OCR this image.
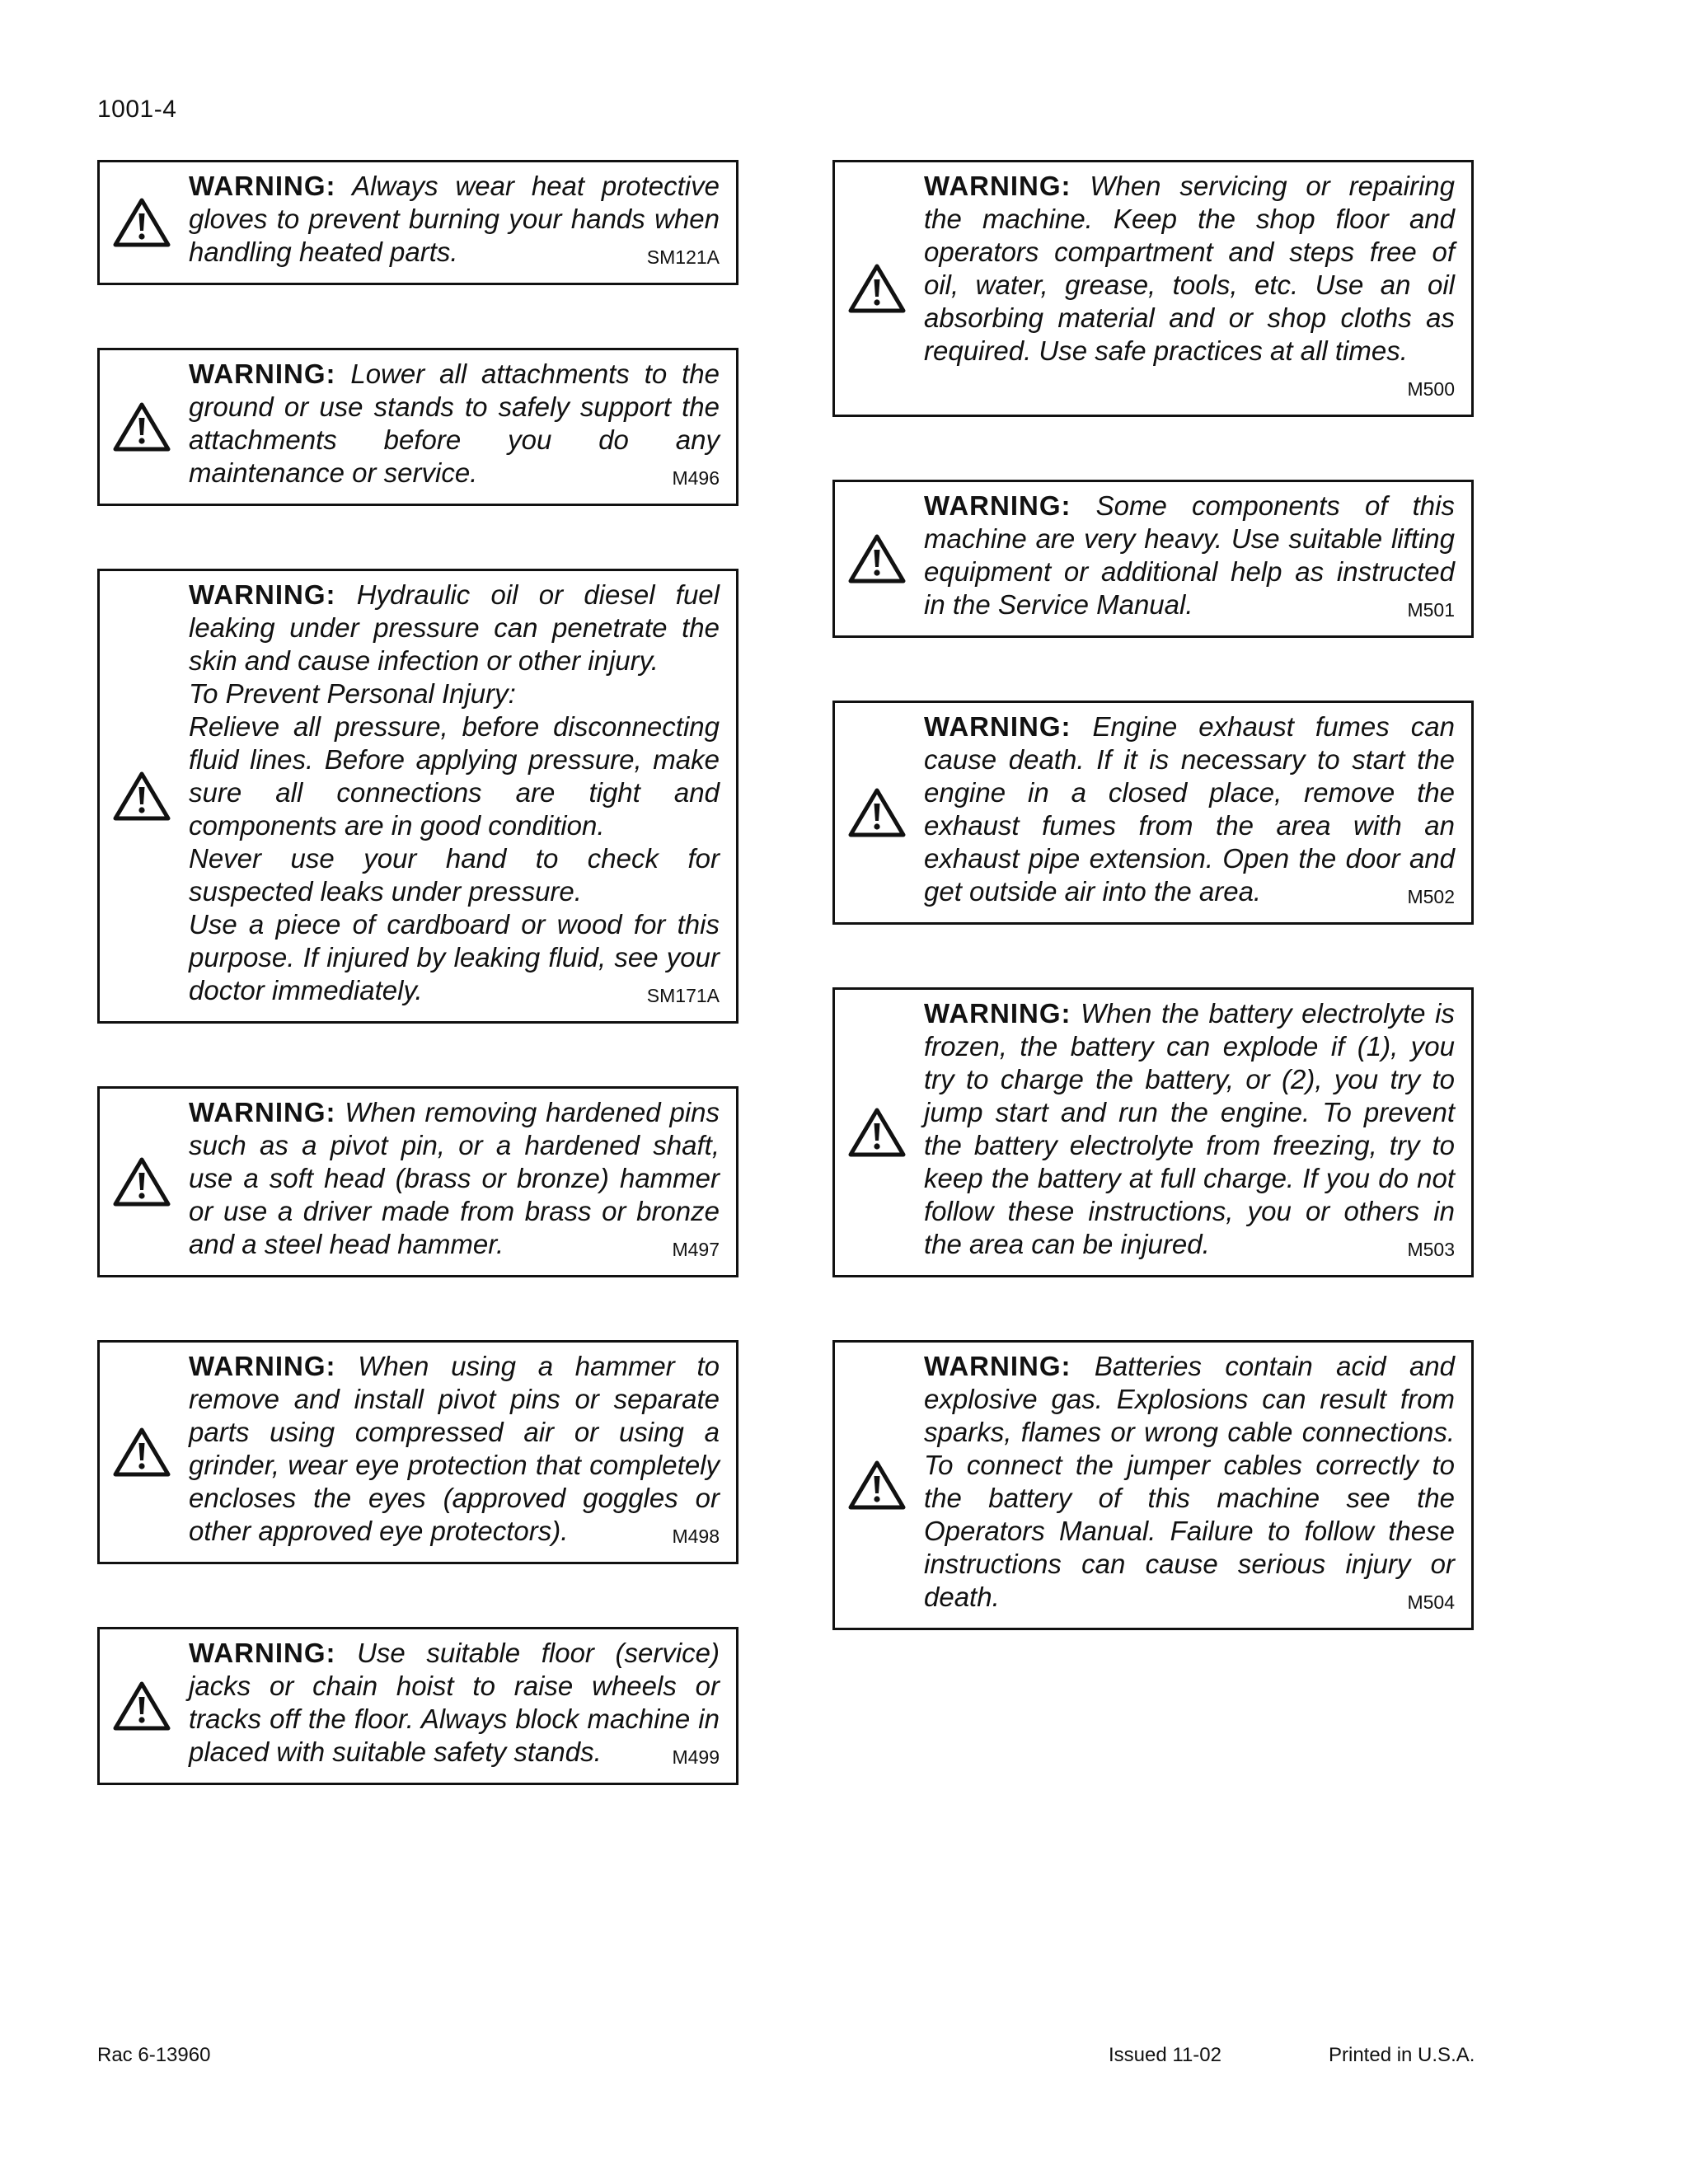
1001-4
WARNING: Always wear heat protective gloves to prevent burning your hands when handling heated parts.	SM121A
WARNING: Lower all attachments to the ground or use stands to safely support the attachments before you do any maintenance or service.	M496
WARNING: Hydraulic oil or diesel fuel leaking under pressure can penetrate the skin and cause infection or other injury.
To Prevent Personal Injury:
Relieve all pressure, before disconnecting fluid lines. Before applying pressure, make sure all connections are tight and components are in good condition.
Never use your hand to check for suspected leaks under pressure.
Use a piece of cardboard or wood for this purpose. If injured by leaking fluid, see your doctor immediately.	SM171A
WARNING: When removing hardened pins such as a pivot pin, or a hardened shaft, use a soft head (brass or bronze) hammer or use a driver made from brass or bronze and a steel head hammer.	M497
WARNING: When using a hammer to remove and install pivot pins or separate parts using compressed air or using a grinder, wear eye protection that completely encloses the eyes (approved goggles or other approved eye protectors).	M498
WARNING: Use suitable floor (service) jacks or chain hoist to raise wheels or tracks off the floor. Always block machine in placed with suitable safety stands.	M499
WARNING: When servicing or repairing the machine. Keep the shop floor and operators compartment and steps free of oil, water, grease, tools, etc. Use an oil absorbing material and or shop cloths as required. Use safe practices at all times.
M500
WARNING: Some components of this machine are very heavy. Use suitable lifting equipment or additional help as instructed in the Service Manual.	M501
WARNING: Engine exhaust fumes can cause death. If it is necessary to start the engine in a closed place, remove the exhaust fumes from the area with an exhaust pipe extension. Open the door and get outside air into the area.	M502
WARNING: When the battery electrolyte is frozen, the battery can explode if (1), you try to charge the battery, or (2), you try to jump start and run the engine. To prevent the battery electrolyte from freezing, try to keep the battery at full charge. If you do not follow these instructions, you or others in the area can be injured.	M503
WARNING: Batteries contain acid and explosive gas. Explosions can result from sparks, flames or wrong cable connections. To connect the jumper cables correctly to the battery of this machine see the Operators Manual. Failure to follow these instructions can cause serious injury or death.	M504
Rac 6-13960	Issued 11-02	Printed in U.S.A.
